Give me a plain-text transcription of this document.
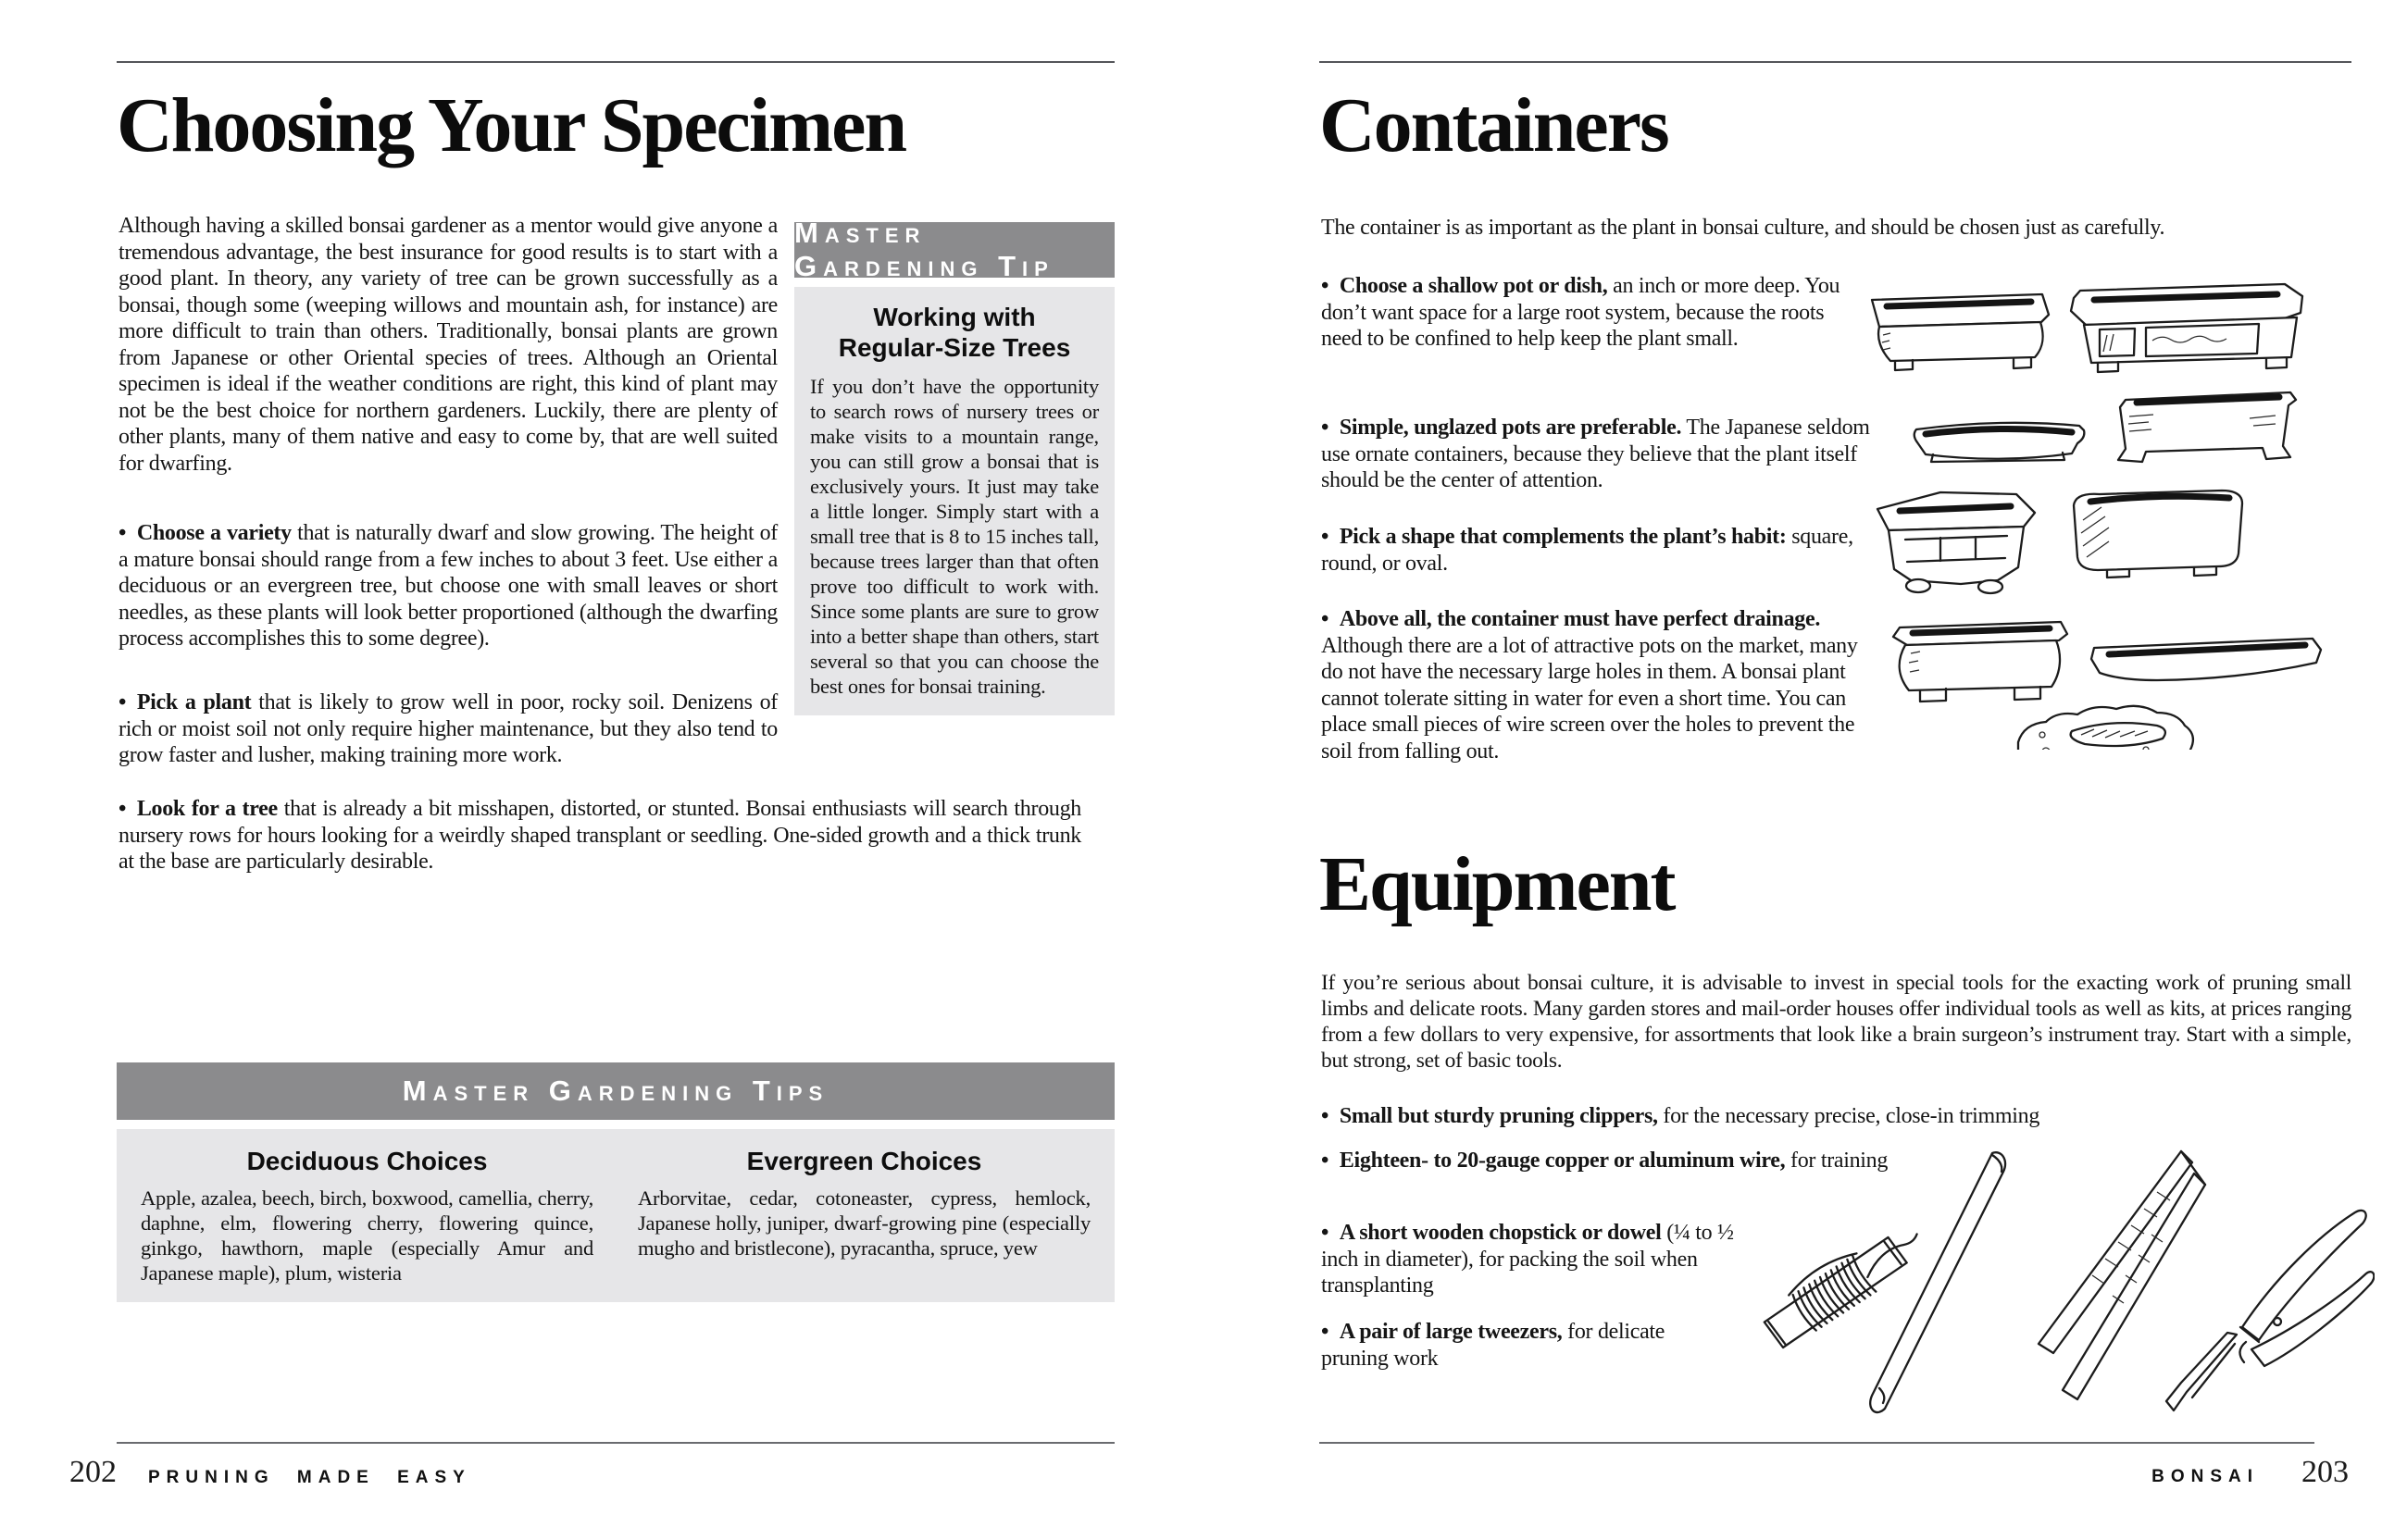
Choosing Your Specimen

Although having a skilled bonsai gardener as a mentor would give anyone a tremendous advantage, the best insurance for good results is to start with a good plant. In theory, any variety of tree can be grown successfully as a bonsai, though some (weeping willows and mountain ash, for instance) are more difficult to train than others. Traditionally, bonsai plants are grown from Japanese or other Oriental species of trees. Although an Oriental specimen is ideal if the weather conditions are right, this kind of plant may not be the best choice for northern gardeners. Luckily, there are plenty of other plants, many of them native and easy to come by, that are well suited for dwarfing.

• Choose a variety that is naturally dwarf and slow growing. The height of a mature bonsai should range from a few inches to about 3 feet. Use either a deciduous or an evergreen tree, but choose one with small leaves or short needles, as these plants will look better proportioned (although the dwarfing process accomplishes this to some degree).

• Pick a plant that is likely to grow well in poor, rocky soil. Denizens of rich or moist soil not only require higher maintenance, but they also tend to grow faster and lusher, making training more work.

• Look for a tree that is already a bit misshapen, distorted, or stunted. Bonsai enthusiasts will search through nursery rows for hours looking for a weirdly shaped transplant or seedling. One-sided growth and a thick trunk at the base are particularly desirable.

Master Gardening Tip

Working with
Regular-Size Trees

If you don’t have the opportunity to search rows of nursery trees or make visits to a mountain range, you can still grow a bonsai that is exclusively yours. It just may take a little longer. Simply start with a small tree that is 8 to 15 inches tall, because trees larger than that often prove too difficult to work with. Since some plants are sure to grow into a better shape than others, start several so that you can choose the best ones for bonsai training.

Master Gardening Tips

Deciduous Choices

Apple, azalea, beech, birch, boxwood, camellia, cherry, daphne, elm, flowering cherry, flowering quince, ginkgo, hawthorn, maple (especially Amur and Japanese maple), plum, wisteria

Evergreen Choices

Arborvitae, cedar, cotoneaster, cypress, hemlock, Japanese holly, juniper, dwarf-growing pine (especially mugho and bristlecone), pyracantha, spruce, yew

202 PRUNING MADE EASY
Containers

The container is as important as the plant in bonsai culture, and should be chosen just as carefully.

• Choose a shallow pot or dish, an inch or more deep. You don’t want space for a large root system, because the roots need to be confined to help keep the plant small.

• Simple, unglazed pots are preferable. The Japanese seldom use ornate containers, because they believe that the plant itself should be the center of attention.

• Pick a shape that complements the plant’s habit: square, round, or oval.

• Above all, the container must have perfect drainage. Although there are a lot of attractive pots on the market, many do not have the necessary large holes in them. A bonsai plant cannot tolerate sitting in water for even a short time. You can place small pieces of wire screen over the holes to prevent the soil from falling out.

Equipment

If you’re serious about bonsai culture, it is advisable to invest in special tools for the exacting work of pruning small limbs and delicate roots. Many garden stores and mail-order houses offer individual tools as well as kits, at prices ranging from a few dollars to very expensive, for assortments that look like a brain surgeon’s instrument tray. Start with a simple, but strong, set of basic tools.

• Small but sturdy pruning clippers, for the necessary precise, close-in trimming

• Eighteen- to 20-gauge copper or aluminum wire, for training

• A short wooden chopstick or dowel (¼ to ½ inch in diameter), for packing the soil when transplanting

• A pair of large tweezers, for delicate pruning work

BONSAI 203
